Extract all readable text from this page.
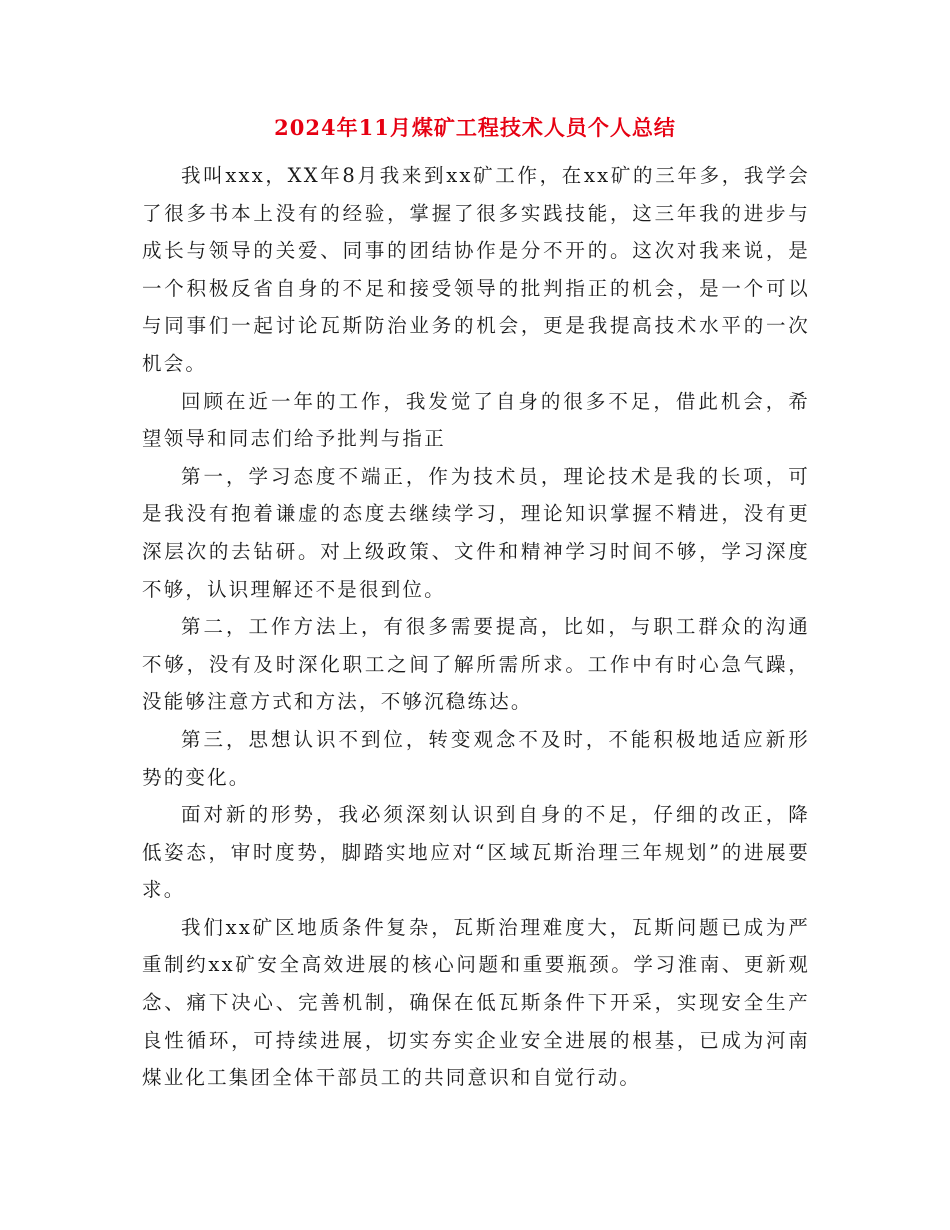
2024年11月煤矿工程技术人员个人总结

我叫xxx，XX年8月我来到xx矿工作，在xx矿的三年多，我学会了很多书本上没有的经验，掌握了很多实践技能，这三年我的进步与成长与领导的关爱、同事的团结协作是分不开的。这次对我来说，是一个积极反省自身的不足和接受领导的批判指正的机会，是一个可以与同事们一起讨论瓦斯防治业务的机会，更是我提高技术水平的一次机会。

回顾在近一年的工作，我发觉了自身的很多不足，借此机会，希望领导和同志们给予批判与指正

第一，学习态度不端正，作为技术员，理论技术是我的长项，可是我没有抱着谦虚的态度去继续学习，理论知识掌握不精进，没有更深层次的去钻研。对上级政策、文件和精神学习时间不够，学习深度不够，认识理解还不是很到位。

第二，工作方法上，有很多需要提高，比如，与职工群众的沟通不够，没有及时深化职工之间了解所需所求。工作中有时心急气躁，没能够注意方式和方法，不够沉稳练达。

第三，思想认识不到位，转变观念不及时，不能积极地适应新形势的变化。

面对新的形势，我必须深刻认识到自身的不足，仔细的改正，降低姿态，审时度势，脚踏实地应对“区域瓦斯治理三年规划”的进展要求。

我们xx矿区地质条件复杂，瓦斯治理难度大，瓦斯问题已成为严重制约xx矿安全高效进展的核心问题和重要瓶颈。学习淮南、更新观念、痛下决心、完善机制，确保在低瓦斯条件下开采，实现安全生产良性循环，可持续进展，切实夯实企业安全进展的根基，已成为河南煤业化工集团全体干部员工的共同意识和自觉行动。
